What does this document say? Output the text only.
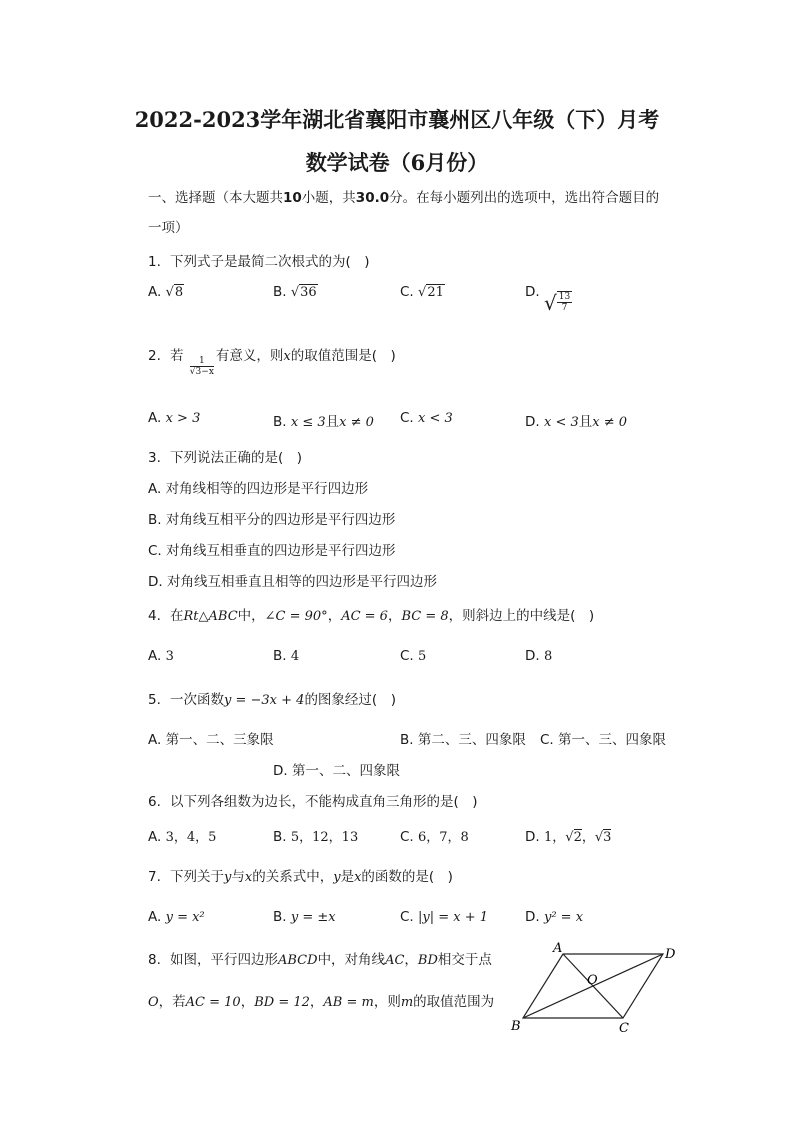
2022-2023学年湖北省襄阳市襄州区八年级（下）月考
数学试卷（6月份）
一、选择题（本大题共10小题，共30.0分。在每小题列出的选项中，选出符合题目的
一项）
1. 下列式子是最简二次根式的为(　)
A. √8	B. √36	C. √21	D. √ $\frac{13}{7}$
2. 若 $\frac{1}{√3-x}$ 有意义，则x的取值范围是(　)
A. x > 3	B. x ≤ 3且x ≠ 0 C. x < 3	D. x < 3且x ≠ 0
3. 下列说法正确的是(　)
A. 对角线相等的四边形是平行四边形
B. 对角线互相平分的四边形是平行四边形
C. 对角线互相垂直的四边形是平行四边形
D. 对角线互相垂直且相等的四边形是平行四边形
4. 在Rt△ABC中，∠C = 90°，AC = 6，BC = 8，则斜边上的中线是(　)
A. 3	B. 4	C. 5	D. 8
5. 一次函数y = −3x + 4的图象经过(　)
A. 第一、二、三象限	B. 第二、三、四象限 C. 第一、三、四象限
D. 第一、二、四象限
6. 以下列各组数为边长，不能构成直角三角形的是(　)
A. 3，4，5	B. 5，12，13	C. 6，7，8	D. 1，√2，√3
7. 下列关于y与x的关系式中，y是x的函数的是(　)
A. y = x²	B. y = ±x	C. |y| = x + 1	D. y² = x
8. 如图，平行四边形ABCD中，对角线AC，BD相交于点
O，若AC = 10，BD = 12，AB = m，则m的取值范围为
A	D
B	C
O
